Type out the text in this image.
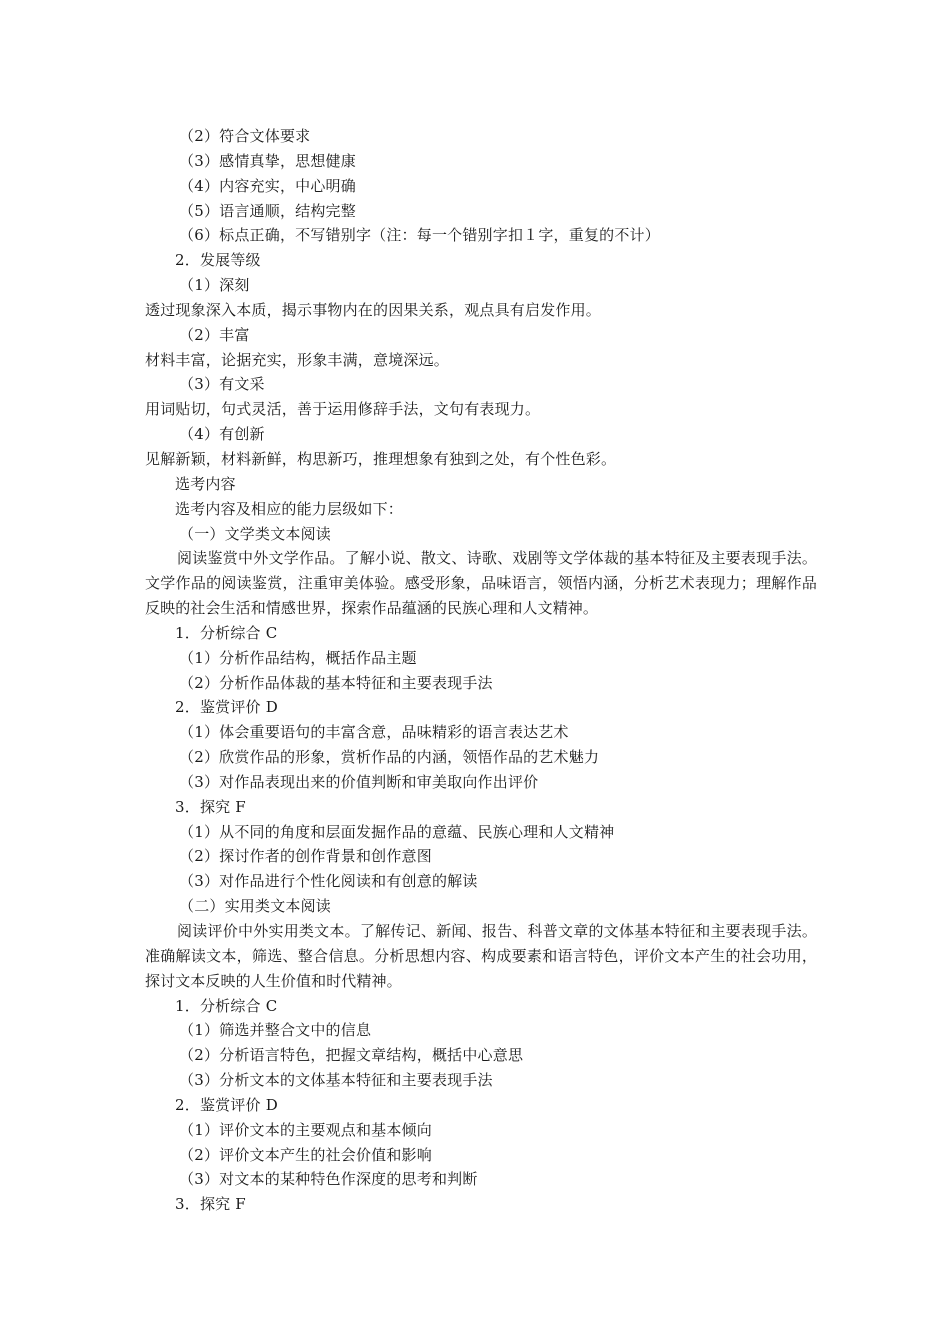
（2）符合文体要求
（3）感情真挚，思想健康
（4）内容充实，中心明确
（5）语言通顺，结构完整
（6）标点正确，不写错别字（注：每一个错别字扣１字，重复的不计）
2．发展等级
（1）深刻
透过现象深入本质，揭示事物内在的因果关系，观点具有启发作用。
（2）丰富
材料丰富，论据充实，形象丰满，意境深远。
（3）有文采
用词贴切，句式灵活，善于运用修辞手法，文句有表现力。
（4）有创新
见解新颖，材料新鲜，构思新巧，推理想象有独到之处，有个性色彩。
选考内容
选考内容及相应的能力层级如下：
（一）文学类文本阅读
阅读鉴赏中外文学作品。了解小说、散文、诗歌、戏剧等文学体裁的基本特征及主要表现手法。文学作品的阅读鉴赏，注重审美体验。感受形象，品味语言，领悟内涵，分析艺术表现力；理解作品反映的社会生活和情感世界，探索作品蕴涵的民族心理和人文精神。
1．分析综合 C
（1）分析作品结构，概括作品主题
（2）分析作品体裁的基本特征和主要表现手法
2．鉴赏评价 D
（1）体会重要语句的丰富含意，品味精彩的语言表达艺术
（2）欣赏作品的形象，赏析作品的内涵，领悟作品的艺术魅力
（3）对作品表现出来的价值判断和审美取向作出评价
3．探究 F
（1）从不同的角度和层面发掘作品的意蕴、民族心理和人文精神
（2）探讨作者的创作背景和创作意图
（3）对作品进行个性化阅读和有创意的解读
（二）实用类文本阅读
阅读评价中外实用类文本。了解传记、新闻、报告、科普文章的文体基本特征和主要表现手法。准确解读文本，筛选、整合信息。分析思想内容、构成要素和语言特色，评价文本产生的社会功用，探讨文本反映的人生价值和时代精神。
1．分析综合 C
（1）筛选并整合文中的信息
（2）分析语言特色，把握文章结构，概括中心意思
（3）分析文本的文体基本特征和主要表现手法
2．鉴赏评价 D
（1）评价文本的主要观点和基本倾向
（2）评价文本产生的社会价值和影响
（3）对文本的某种特色作深度的思考和判断
3．探究 F
